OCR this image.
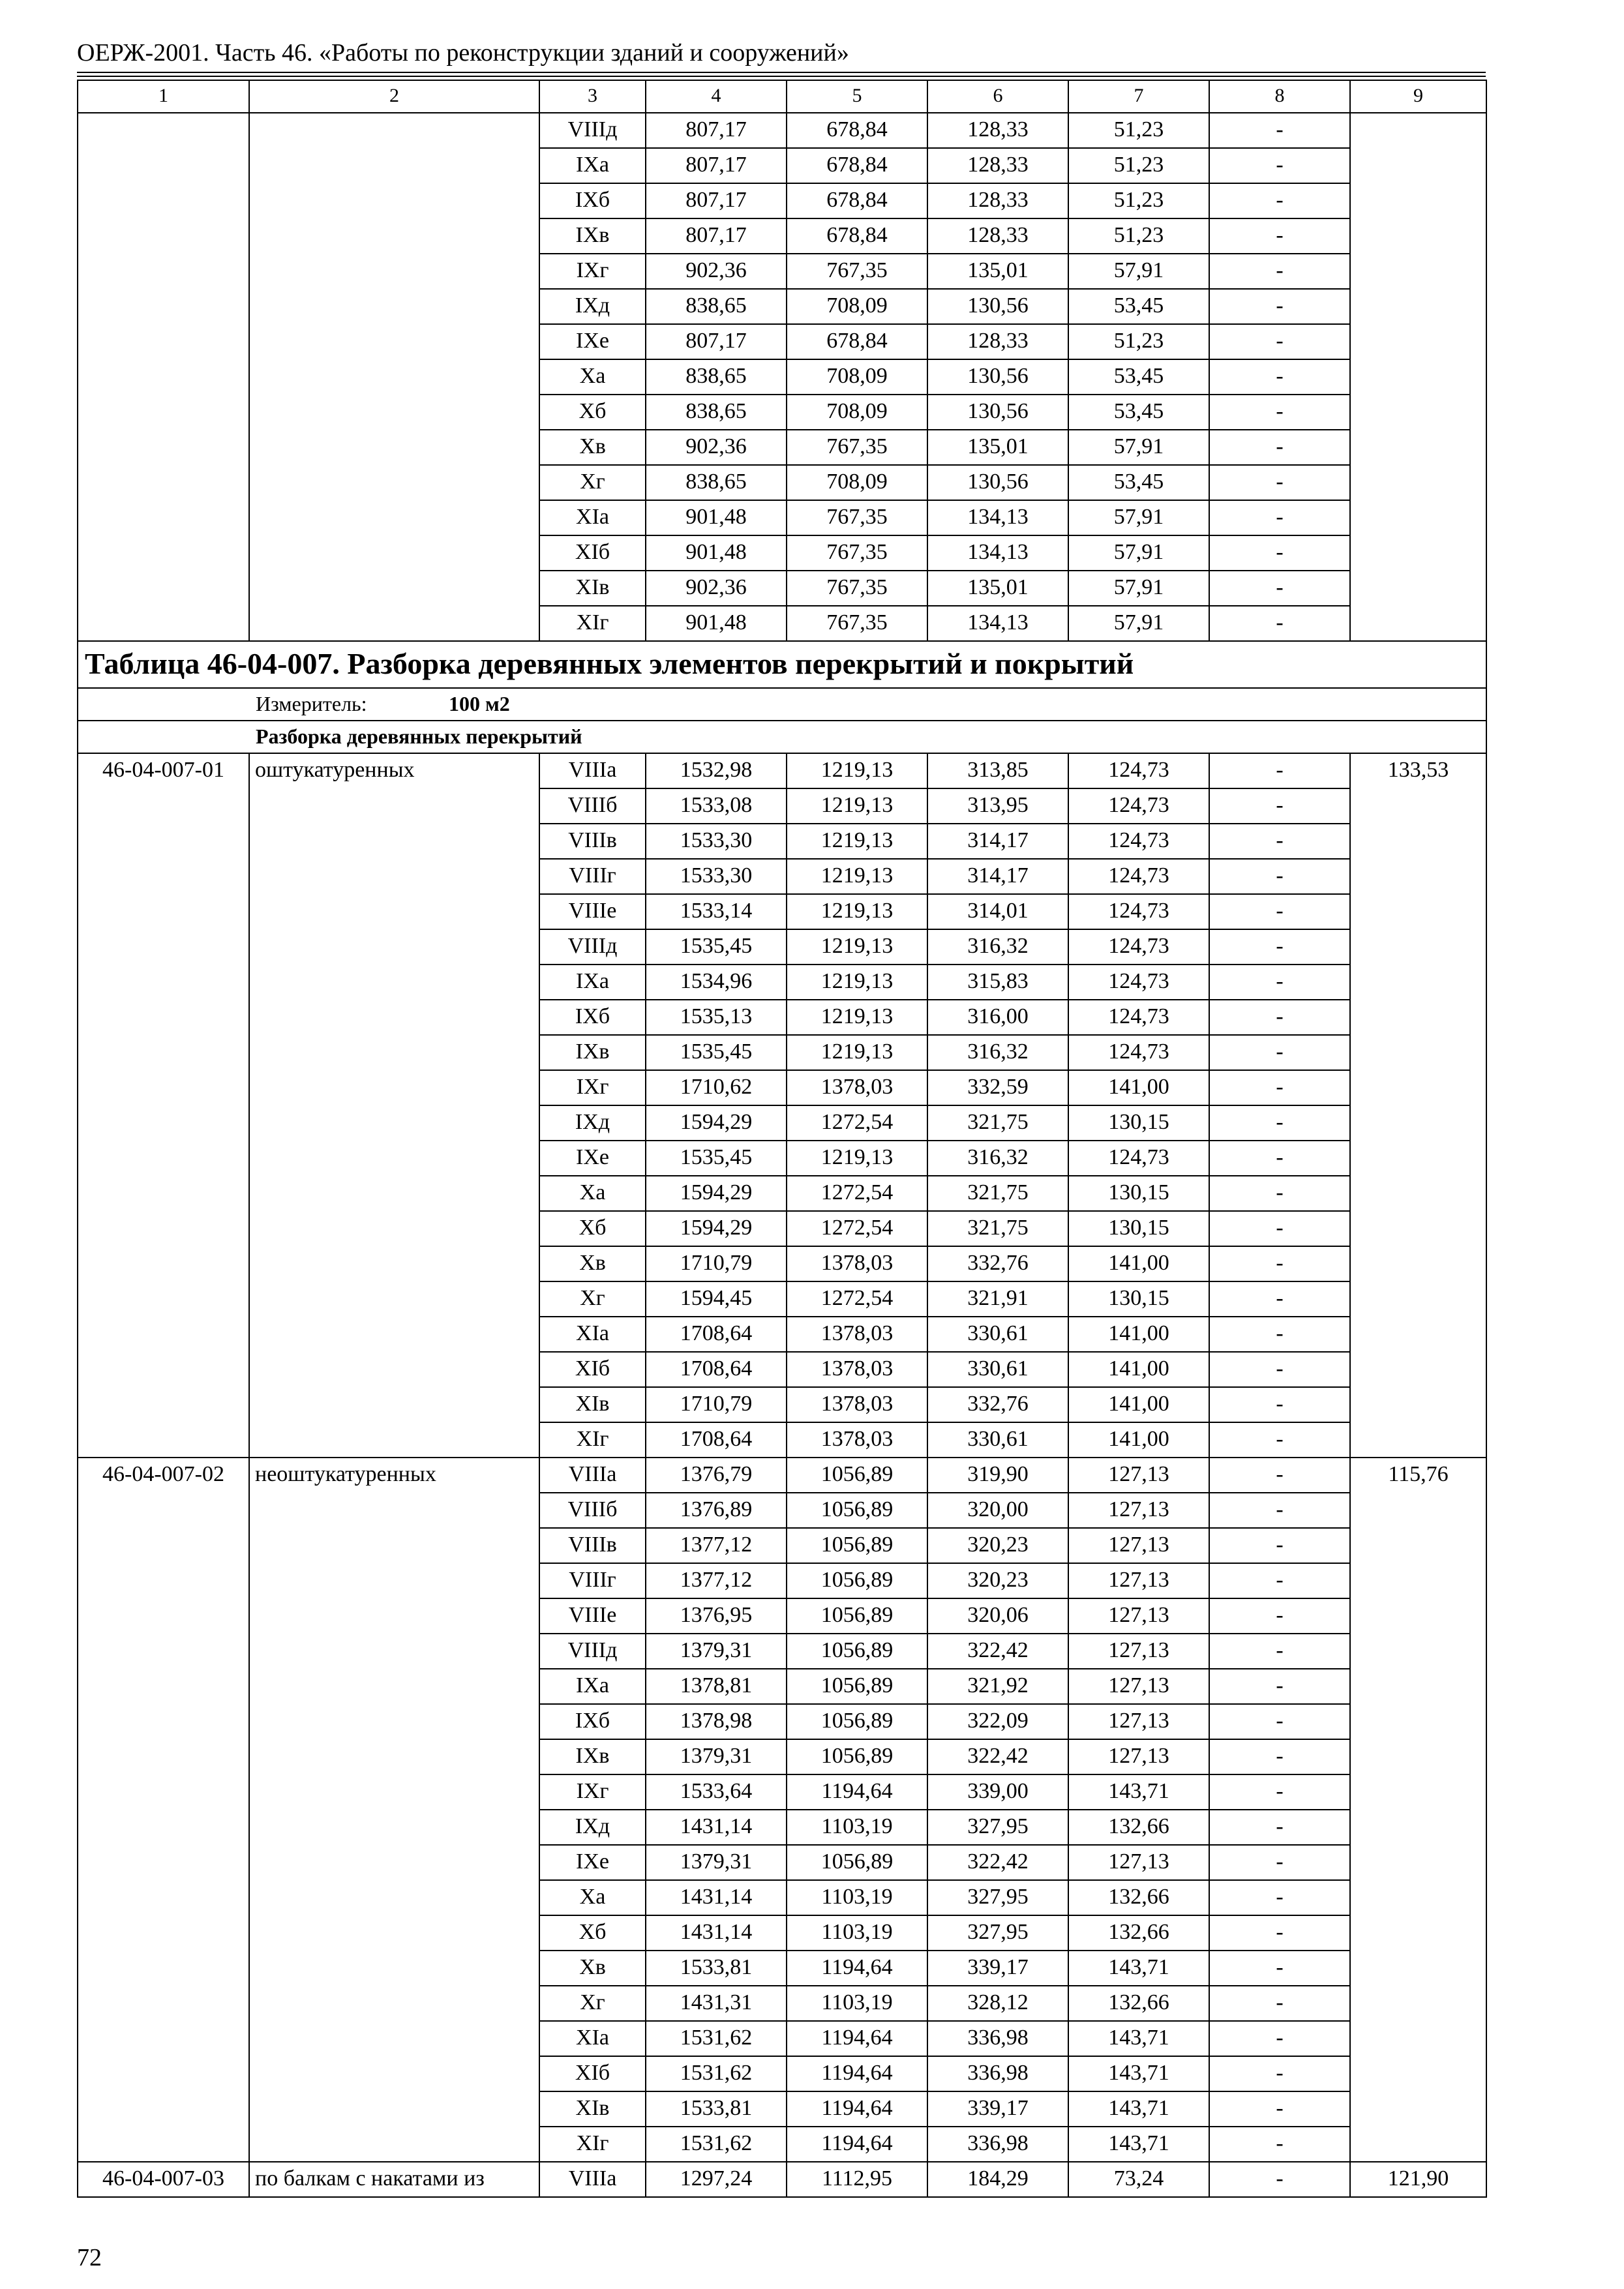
ОЕРЖ-2001. Часть 46. «Работы по реконструкции зданий и сооружений»
1	2	3	4	5	6	7	8	9
		VIIIд	807,17	678,84	128,33	51,23	-	
		IXа	807,17	678,84	128,33	51,23	-	
		IXб	807,17	678,84	128,33	51,23	-	
		IXв	807,17	678,84	128,33	51,23	-	
		IXг	902,36	767,35	135,01	57,91	-	
		IXд	838,65	708,09	130,56	53,45	-	
		IXе	807,17	678,84	128,33	51,23	-	
		Xа	838,65	708,09	130,56	53,45	-	
		Xб	838,65	708,09	130,56	53,45	-	
		Xв	902,36	767,35	135,01	57,91	-	
		Xг	838,65	708,09	130,56	53,45	-	
		XIа	901,48	767,35	134,13	57,91	-	
		XIб	901,48	767,35	134,13	57,91	-	
		XIв	902,36	767,35	135,01	57,91	-	
		XIг	901,48	767,35	134,13	57,91	-	
Таблица 46-04-007. Разборка деревянных элементов перекрытий и покрытий								
Измеритель: 100 м2								
Разборка деревянных перекрытий								
46-04-007-01	оштукатуренных	VIIIа	1532,98	1219,13	313,85	124,73	-	133,53
		VIIIб	1533,08	1219,13	313,95	124,73	-	
		VIIIв	1533,30	1219,13	314,17	124,73	-	
		VIIIг	1533,30	1219,13	314,17	124,73	-	
		VIIIе	1533,14	1219,13	314,01	124,73	-	
		VIIIд	1535,45	1219,13	316,32	124,73	-	
		IXа	1534,96	1219,13	315,83	124,73	-	
		IXб	1535,13	1219,13	316,00	124,73	-	
		IXв	1535,45	1219,13	316,32	124,73	-	
		IXг	1710,62	1378,03	332,59	141,00	-	
		IXд	1594,29	1272,54	321,75	130,15	-	
		IXе	1535,45	1219,13	316,32	124,73	-	
		Xа	1594,29	1272,54	321,75	130,15	-	
		Xб	1594,29	1272,54	321,75	130,15	-	
		Xв	1710,79	1378,03	332,76	141,00	-	
		Xг	1594,45	1272,54	321,91	130,15	-	
		XIа	1708,64	1378,03	330,61	141,00	-	
		XIб	1708,64	1378,03	330,61	141,00	-	
		XIв	1710,79	1378,03	332,76	141,00	-	
		XIг	1708,64	1378,03	330,61	141,00	-	
46-04-007-02	неоштукатуренных	VIIIа	1376,79	1056,89	319,90	127,13	-	115,76
		VIIIб	1376,89	1056,89	320,00	127,13	-	
		VIIIв	1377,12	1056,89	320,23	127,13	-	
		VIIIг	1377,12	1056,89	320,23	127,13	-	
		VIIIе	1376,95	1056,89	320,06	127,13	-	
		VIIIд	1379,31	1056,89	322,42	127,13	-	
		IXа	1378,81	1056,89	321,92	127,13	-	
		IXб	1378,98	1056,89	322,09	127,13	-	
		IXв	1379,31	1056,89	322,42	127,13	-	
		IXг	1533,64	1194,64	339,00	143,71	-	
		IXд	1431,14	1103,19	327,95	132,66	-	
		IXе	1379,31	1056,89	322,42	127,13	-	
		Xа	1431,14	1103,19	327,95	132,66	-	
		Xб	1431,14	1103,19	327,95	132,66	-	
		Xв	1533,81	1194,64	339,17	143,71	-	
		Xг	1431,31	1103,19	328,12	132,66	-	
		XIа	1531,62	1194,64	336,98	143,71	-	
		XIб	1531,62	1194,64	336,98	143,71	-	
		XIв	1533,81	1194,64	339,17	143,71	-	
		XIг	1531,62	1194,64	336,98	143,71	-	
46-04-007-03	по балкам с накатами из	VIIIа	1297,24	1112,95	184,29	73,24	-	121,90
72
